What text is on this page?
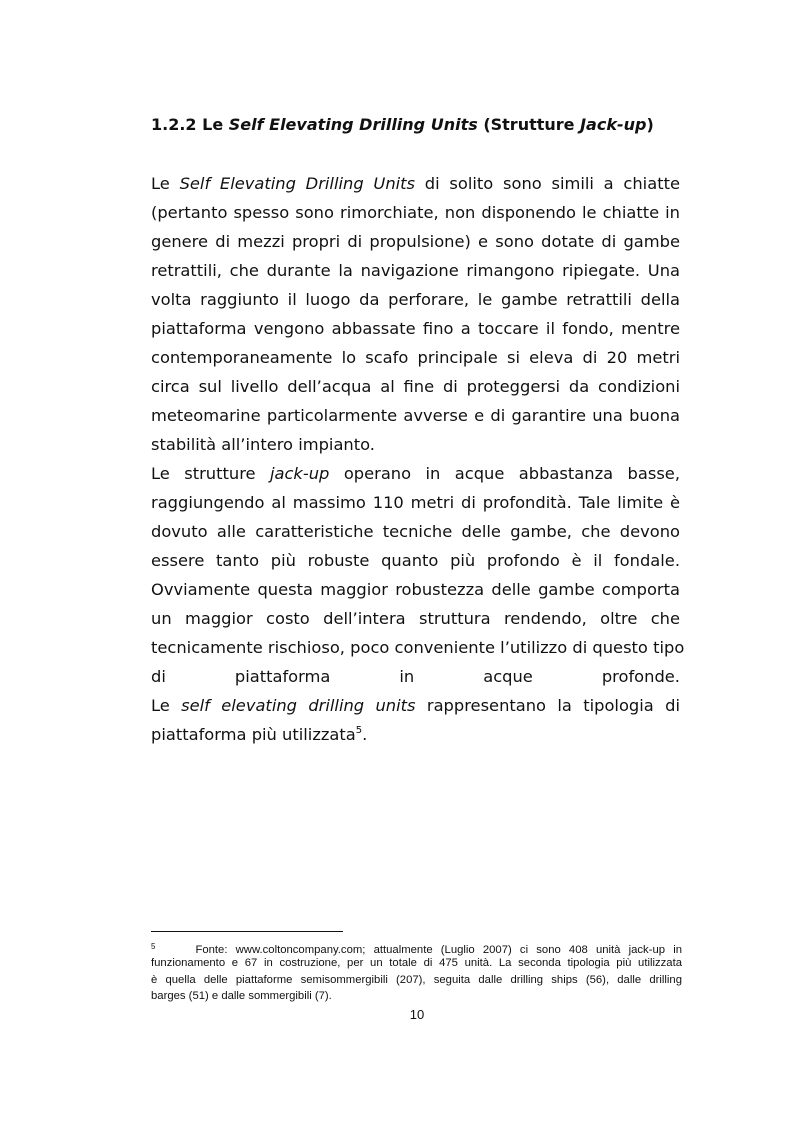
1.2.2 Le Self Elevating Drilling Units (Strutture Jack-up)
Le Self Elevating Drilling Units di solito sono simili a chiatte
(pertanto spesso sono rimorchiate, non disponendo le chiatte in
genere di mezzi propri di propulsione) e sono dotate di gambe
retrattili, che durante la navigazione rimangono ripiegate. Una
volta raggiunto il luogo da perforare, le gambe retrattili della
piattaforma vengono abbassate fino a toccare il fondo, mentre
contemporaneamente lo scafo principale si eleva di 20 metri
circa sul livello dell’acqua al fine di proteggersi da condizioni
meteomarine particolarmente avverse e di garantire una buona
stabilità all’intero impianto.
Le strutture jack-up operano in acque abbastanza basse,
raggiungendo al massimo 110 metri di profondità. Tale limite è
dovuto alle caratteristiche tecniche delle gambe, che devono
essere tanto più robuste quanto più profondo è il fondale.
Ovviamente questa maggior robustezza delle gambe comporta
un maggior costo dell’intera struttura rendendo, oltre che
tecnicamente rischioso, poco conveniente l’utilizzo di questo tipo
di piattaforma in acque profonde.
Le self elevating drilling units rappresentano la tipologia di
piattaforma più utilizzata$^5$.
$^5$	Fonte: www.coltoncompany.com; attualmente (Luglio 2007) ci sono 408 unità jack-up in
funzionamento e 67 in costruzione, per un totale di 475 unità. La seconda tipologia più utilizzata
è quella delle piattaforme semisommergibili (207), seguita dalle drilling ships (56), dalle drilling
barges (51) e dalle sommergibili (7).
10
